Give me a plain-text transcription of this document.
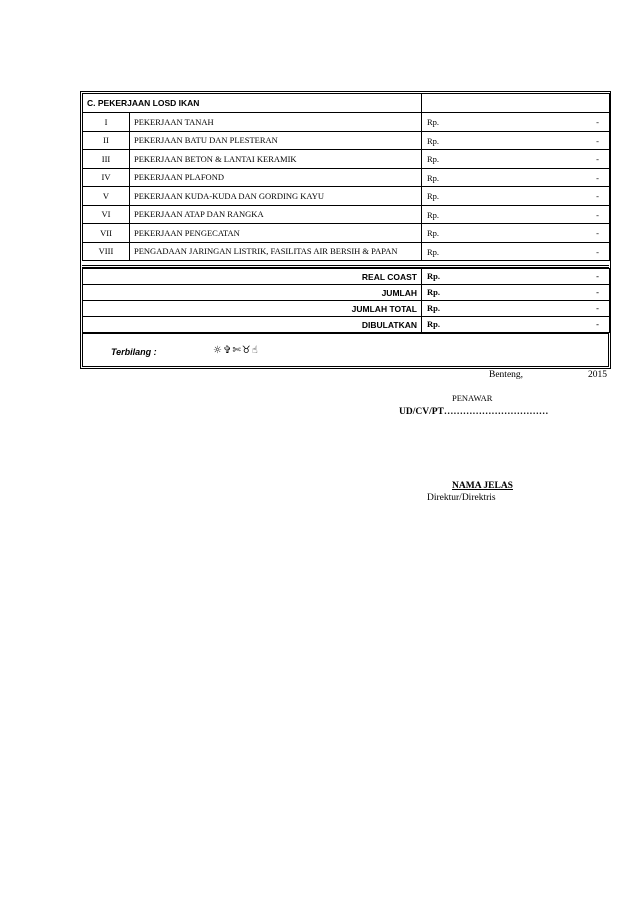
C. PEKERJAAN LOSD IKAN		
I	PEKERJAAN TANAH	Rp. -

II	PEKERJAAN BATU DAN PLESTERAN	Rp. -

III	PEKERJAAN BETON & LANTAI KERAMIK	Rp. -

IV	PEKERJAAN PLAFOND	Rp. -

V	PEKERJAAN KUDA-KUDA DAN GORDING KAYU	Rp. -

VI	PEKERJAAN ATAP DAN RANGKA	Rp. -

VII	PEKERJAAN PENGECATAN	Rp. -

VIII	PENGADAAN JARINGAN LISTRIK, FASILITAS AIR BERSIH & PAPAN	Rp. -
REAL COAST	Rp. -

JUMLAH	Rp. -

JUMLAH TOTAL	Rp. -

DIBULATKAN	Rp. -
Terbilang :	☼✞✄♉☝
Benteng,	2015
PENAWAR
UD/CV/PT……………………………
NAMA JELAS
Direktur/Direktris
